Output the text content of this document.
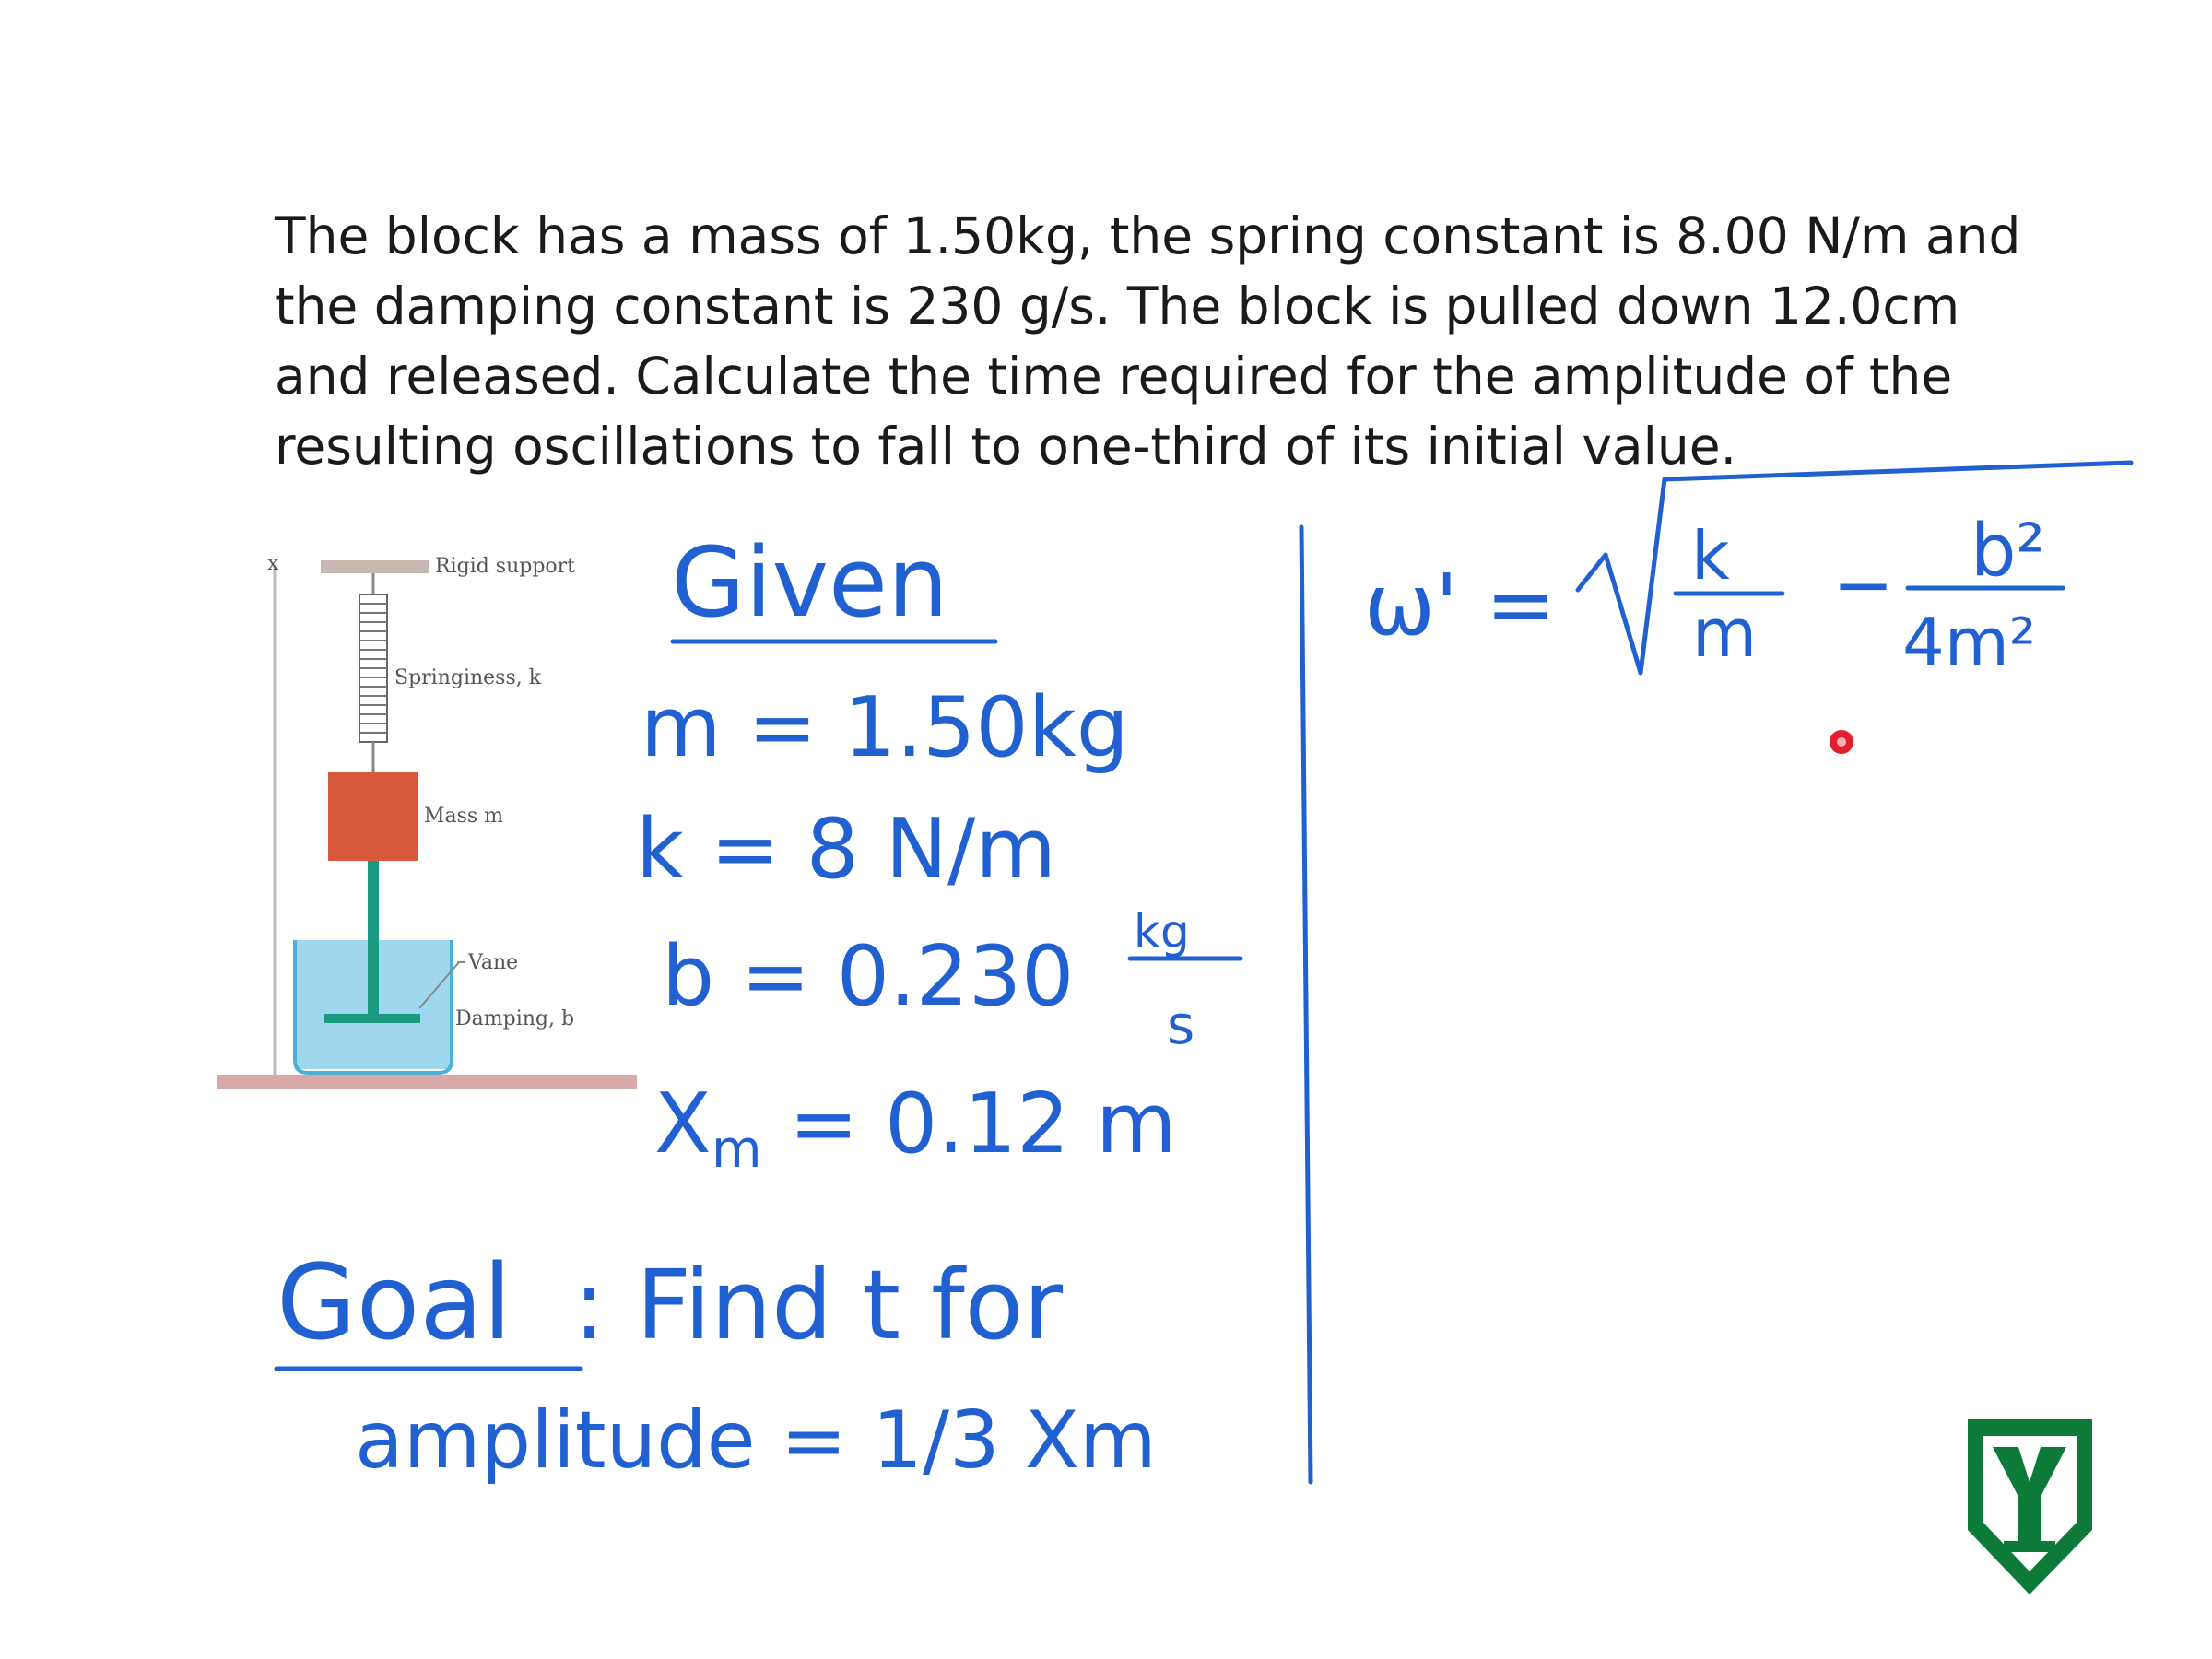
The block has a mass of 1.50kg, the spring constant is 8.00 N/m and
the damping constant is 230 g/s. The block is pulled down 12.0cm
and released. Calculate the time required for the amplitude of the
resulting oscillations to fall to one-third of its initial value.
x	Rigid support
Springiness, k
Mass m
Vane
Damping, b
Given
m = 1.50kg
k = 8 N/m
b = 0.230 kg
s
X m = 0.12 m
Goal : Find t for
amplitude = 1/3 Xm
ω' = k
m
− b²
4m²
